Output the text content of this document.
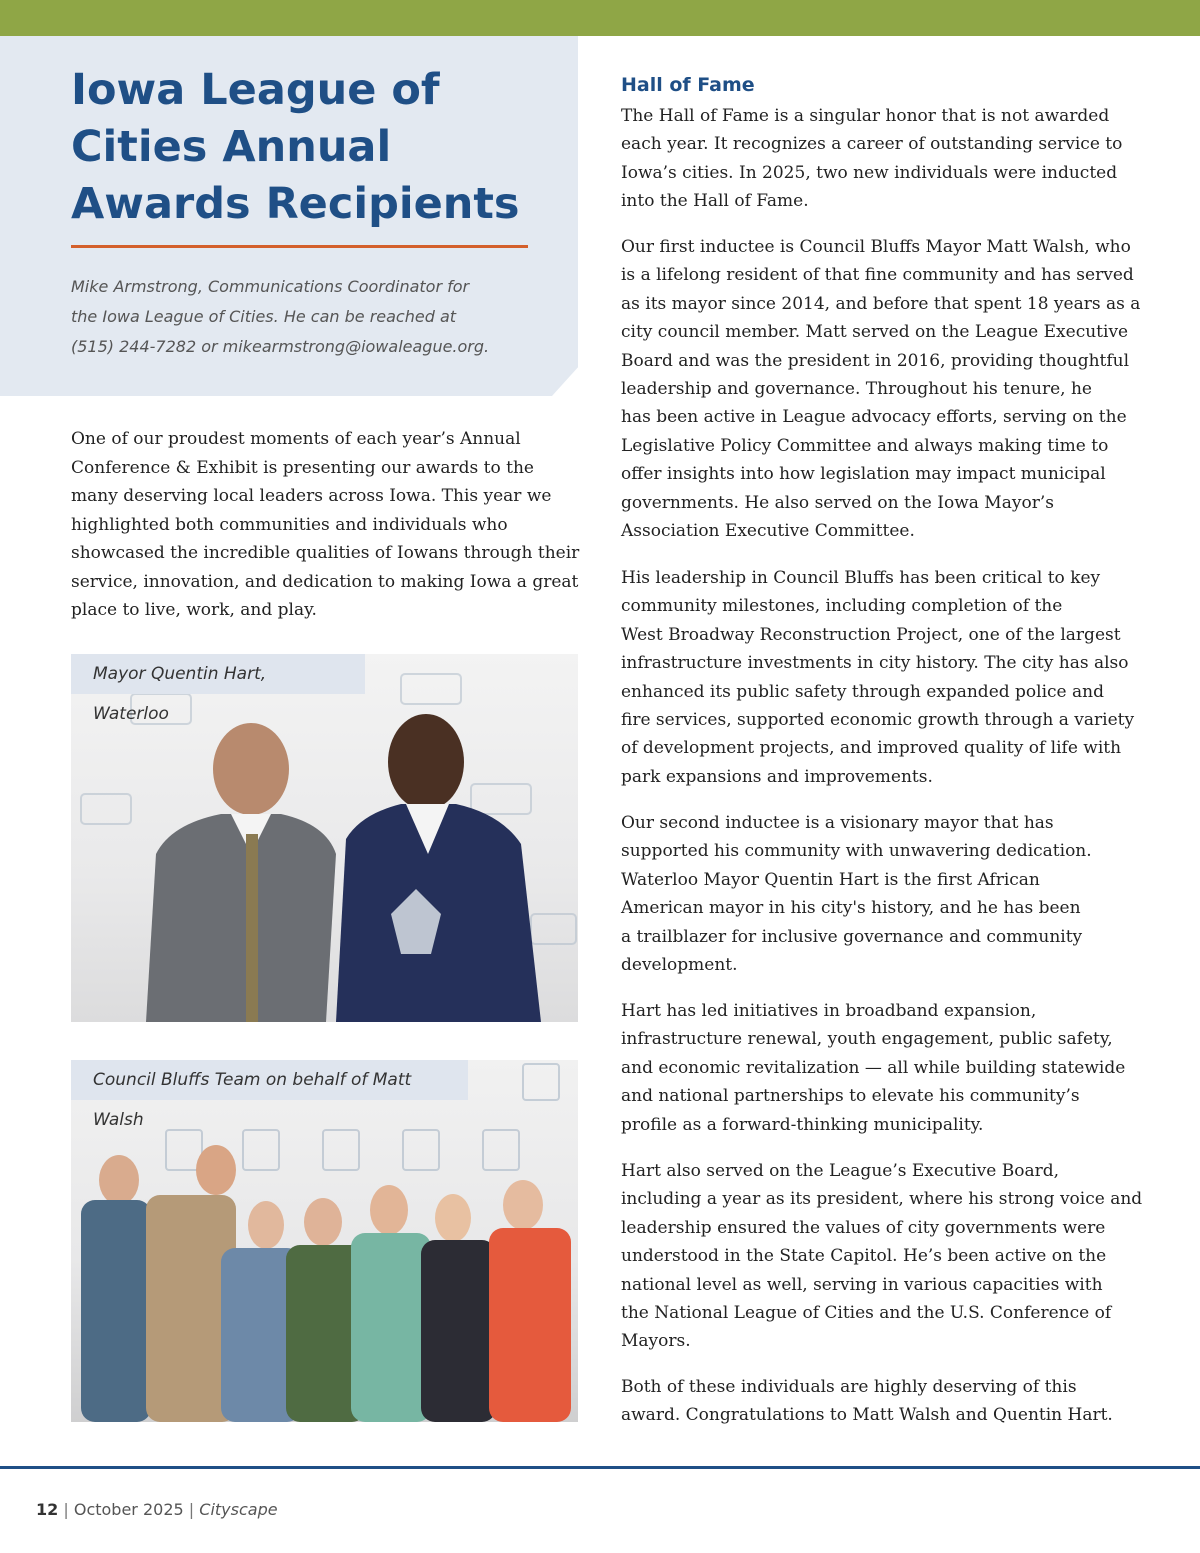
Iowa League of
Cities Annual
Awards Recipients

Mike Armstrong, Communications Coordinator for
the Iowa League of Cities. He can be reached at
(515) 244-7282 or mikearmstrong@iowaleague.org.

One of our proudest moments of each year’s Annual
Conference & Exhibit is presenting our awards to the
many deserving local leaders across Iowa. This year we
highlighted both communities and individuals who
showcased the incredible qualities of Iowans through their
service, innovation, and dedication to making Iowa a great
place to live, work, and play.

Mayor Quentin Hart, Waterloo
Council Bluffs Team on behalf of Matt Walsh
Hall of Fame

The Hall of Fame is a singular honor that is not awarded
each year. It recognizes a career of outstanding service to
Iowa’s cities. In 2025, two new individuals were inducted
into the Hall of Fame.

Our first inductee is Council Bluffs Mayor Matt Walsh, who
is a lifelong resident of that fine community and has served
as its mayor since 2014, and before that spent 18 years as a
city council member. Matt served on the League Executive
Board and was the president in 2016, providing thoughtful
leadership and governance. Throughout his tenure, he
has been active in League advocacy efforts, serving on the
Legislative Policy Committee and always making time to
offer insights into how legislation may impact municipal
governments. He also served on the Iowa Mayor’s
Association Executive Committee.

His leadership in Council Bluffs has been critical to key
community milestones, including completion of the
West Broadway Reconstruction Project, one of the largest
infrastructure investments in city history. The city has also
enhanced its public safety through expanded police and
fire services, supported economic growth through a variety
of development projects, and improved quality of life with
park expansions and improvements.

Our second inductee is a visionary mayor that has
supported his community with unwavering dedication.
Waterloo Mayor Quentin Hart is the first African
American mayor in his city's history, and he has been
a trailblazer for inclusive governance and community
development.

Hart has led initiatives in broadband expansion,
infrastructure renewal, youth engagement, public safety,
and economic revitalization — all while building statewide
and national partnerships to elevate his community’s
profile as a forward-thinking municipality.

Hart also served on the League’s Executive Board,
including a year as its president, where his strong voice and
leadership ensured the values of city governments were
understood in the State Capitol. He’s been active on the
national level as well, serving in various capacities with
the National League of Cities and the U.S. Conference of
Mayors.

Both of these individuals are highly deserving of this
award. Congratulations to Matt Walsh and Quentin Hart.

12 | October 2025 | Cityscape
